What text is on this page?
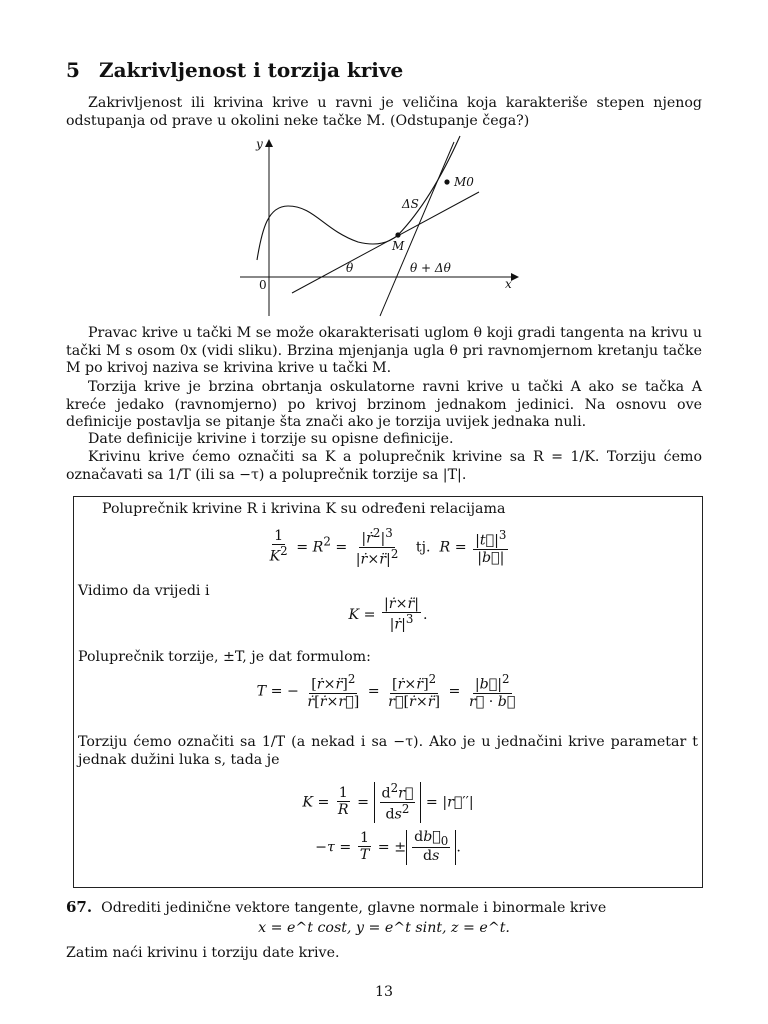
5 Zakrivljenost i torzija krive
Zakrivljenost ili krivina krive u ravni je veličina koja karakteriše stepen njenog odstupanja od prave u okolini neke tačke M. (Odstupanje čega?)
y
x
0
M
M0
ΔS
θ	θ + Δθ
Pravac krive u tački M se može okarakterisati uglom θ koji gradi tangenta na krivu u tački M s osom 0x (vidi sliku). Brzina mjenjanja ugla θ pri ravnomjernom kretanju tačke M po krivoj naziva se krivina krive u tački M.
Torzija krive je brzina obrtanja oskulatorne ravni krive u tački A ako se tačka A kreće jedako (ravnomjerno) po krivoj brzinom jednakom jedinici. Na osnovu ove definicije postavlja se pitanje šta znači ako je torzija uvijek jednaka nuli.
Date definicije krivine i torzije su opisne definicije.
Krivinu krive ćemo označiti sa K a poluprečnik krivine sa R = 1/K. Torziju ćemo označavati sa 1/T (ili sa −τ) a poluprečnik torzije sa |T|.
Poluprečnik krivine R i krivina K su određeni relacijama
$\frac{1}{K^2} = R^2 = \frac{|ṙ^2|^3}{|ṙ\times r̈|^2}$ tj.  $R = \frac{|t⃗|^3}{|b⃗|}$
Vidimo da vrijedi i
$K = \frac{|ṙ\times r̈|}{|ṙ|^3}$ .
Poluprečnik torzije, ±T, je dat formulom:
T = − $\frac{[ṙ\times r̈]^2}{ṙ[ṙ\times r⃛]} = \frac{[ṙ\times r̈]^2}{r⃛[ṙ\times r̈]} = \frac{|b⃗|^2}{r⃛ \cdot b⃗}$
Torziju ćemo označiti sa 1/T (a nekad i sa −τ). Ako je u jednačini krive parametar t jednak dužini luka s, tada je
$K = \frac{1}{R} = \frac{d^2r⃗}{ds^2}$ = |r⃗′′|
$-\tau = \frac{1}{T}$ = ± $\frac{db⃗_0}{ds}$ .
67. Odrediti jedinične vektore tangente, glavne normale i binormale krive
x = e^t cost, y = e^t sint, z = e^t.
Zatim naći krivinu i torziju date krive.
13
